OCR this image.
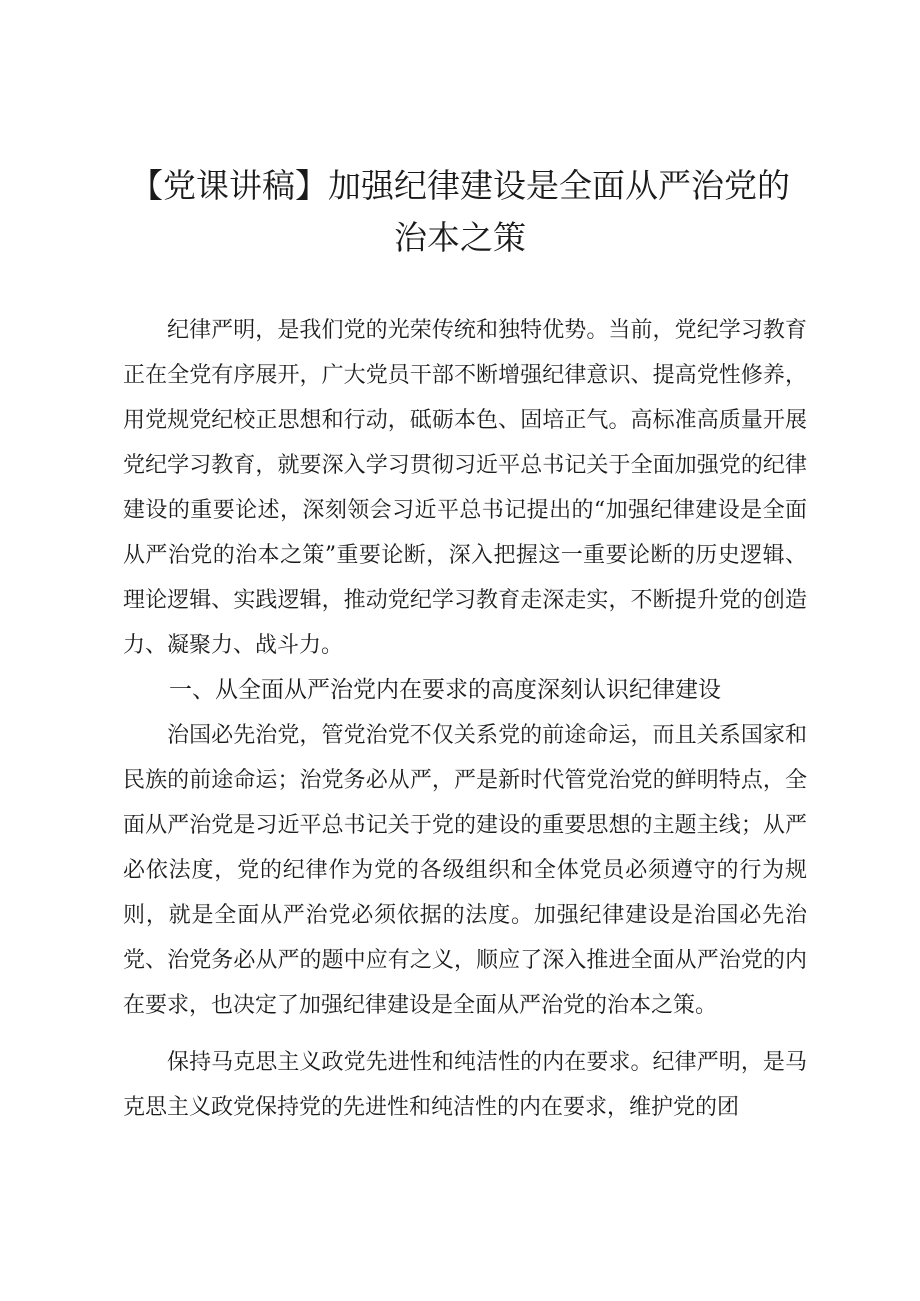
【党课讲稿】加强纪律建设是全面从严治党的
治本之策

纪律严明，是我们党的光荣传统和独特优势。当前，党纪学习教育正在全党有序展开，广大党员干部不断增强纪律意识、提高党性修养，用党规党纪校正思想和行动，砥砺本色、固培正气。高标准高质量开展党纪学习教育，就要深入学习贯彻习近平总书记关于全面加强党的纪律建设的重要论述，深刻领会习近平总书记提出的“加强纪律建设是全面从严治党的治本之策”重要论断，深入把握这一重要论断的历史逻辑、理论逻辑、实践逻辑，推动党纪学习教育走深走实，不断提升党的创造力、凝聚力、战斗力。

一、从全面从严治党内在要求的高度深刻认识纪律建设

治国必先治党，管党治党不仅关系党的前途命运，而且关系国家和民族的前途命运；治党务必从严，严是新时代管党治党的鲜明特点，全面从严治党是习近平总书记关于党的建设的重要思想的主题主线；从严必依法度，党的纪律作为党的各级组织和全体党员必须遵守的行为规则，就是全面从严治党必须依据的法度。加强纪律建设是治国必先治党、治党务必从严的题中应有之义，顺应了深入推进全面从严治党的内在要求，也决定了加强纪律建设是全面从严治党的治本之策。

保持马克思主义政党先进性和纯洁性的内在要求。纪律严明，是马克思主义政党保持党的先进性和纯洁性的内在要求，维护党的团
